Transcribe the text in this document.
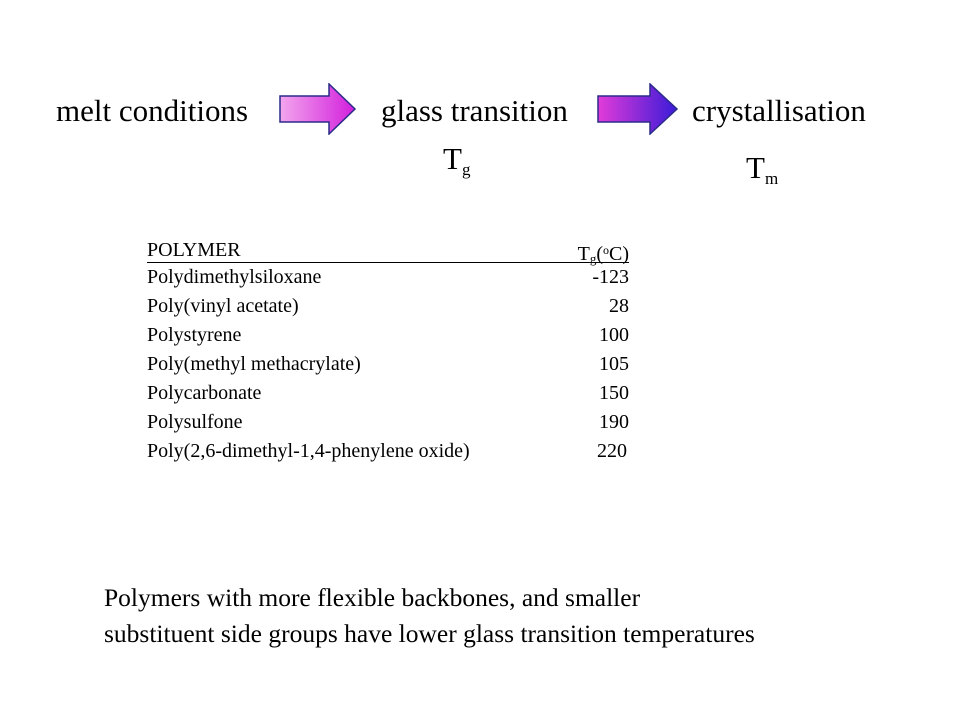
melt conditions	glass transition	crystallisation
$T_g$	$T_m$
POLYMER	$T_g(^oC)$
Polydimethylsiloxane	-123
Poly(vinyl acetate)	28
Polystyrene	100
Poly(methyl methacrylate)	105
Polycarbonate	150
Polysulfone	190
Poly(2,6-dimethyl-1,4-phenylene oxide)	220
Polymers with more flexible backbones, and smaller
substituent side groups have lower glass transition temperatures
